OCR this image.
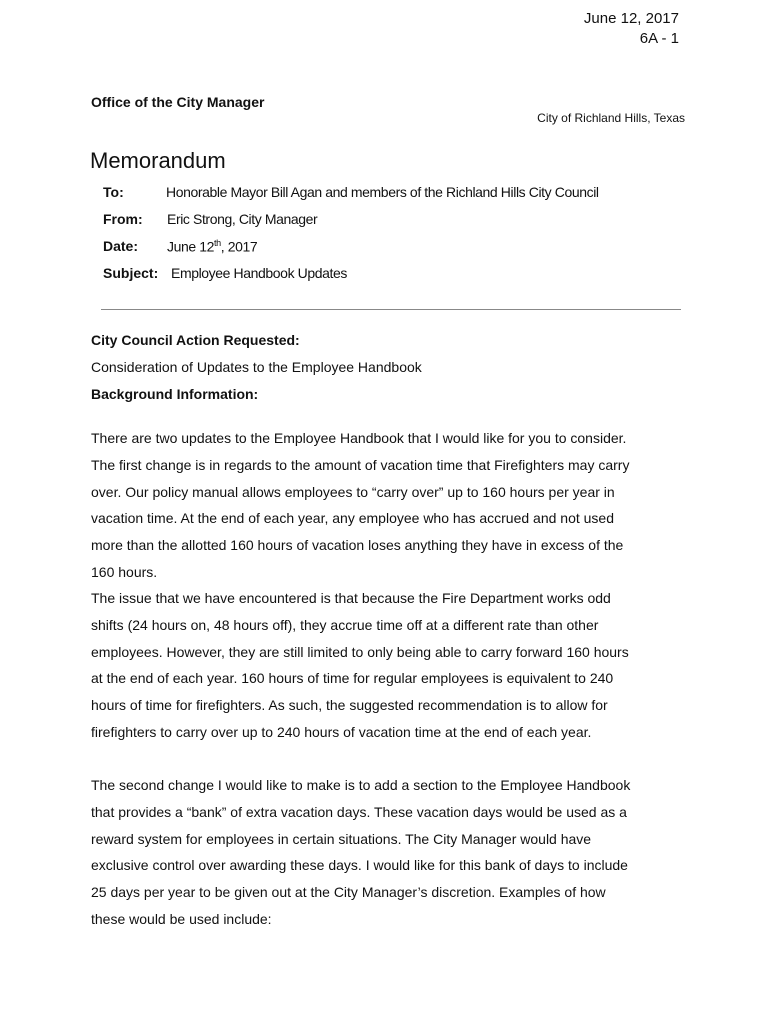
June 12, 2017
6A - 1
Office of the City Manager
City of Richland Hills, Texas
Memorandum
To:	Honorable Mayor Bill Agan and members of the Richland Hills City Council
From: Eric Strong, City Manager
Date: June 12th, 2017
Subject: Employee Handbook Updates
City Council Action Requested:
Consideration of Updates to the Employee Handbook
Background Information:
There are two updates to the Employee Handbook that I would like for you to consider.
The first change is in regards to the amount of vacation time that Firefighters may carry
over. Our policy manual allows employees to “carry over” up to 160 hours per year in
vacation time. At the end of each year, any employee who has accrued and not used
more than the allotted 160 hours of vacation loses anything they have in excess of the
160 hours.
The issue that we have encountered is that because the Fire Department works odd
shifts (24 hours on, 48 hours off), they accrue time off at a different rate than other
employees. However, they are still limited to only being able to carry forward 160 hours
at the end of each year. 160 hours of time for regular employees is equivalent to 240
hours of time for firefighters. As such, the suggested recommendation is to allow for
firefighters to carry over up to 240 hours of vacation time at the end of each year.
The second change I would like to make is to add a section to the Employee Handbook
that provides a “bank” of extra vacation days. These vacation days would be used as a
reward system for employees in certain situations. The City Manager would have
exclusive control over awarding these days. I would like for this bank of days to include
25 days per year to be given out at the City Manager’s discretion. Examples of how
these would be used include:
